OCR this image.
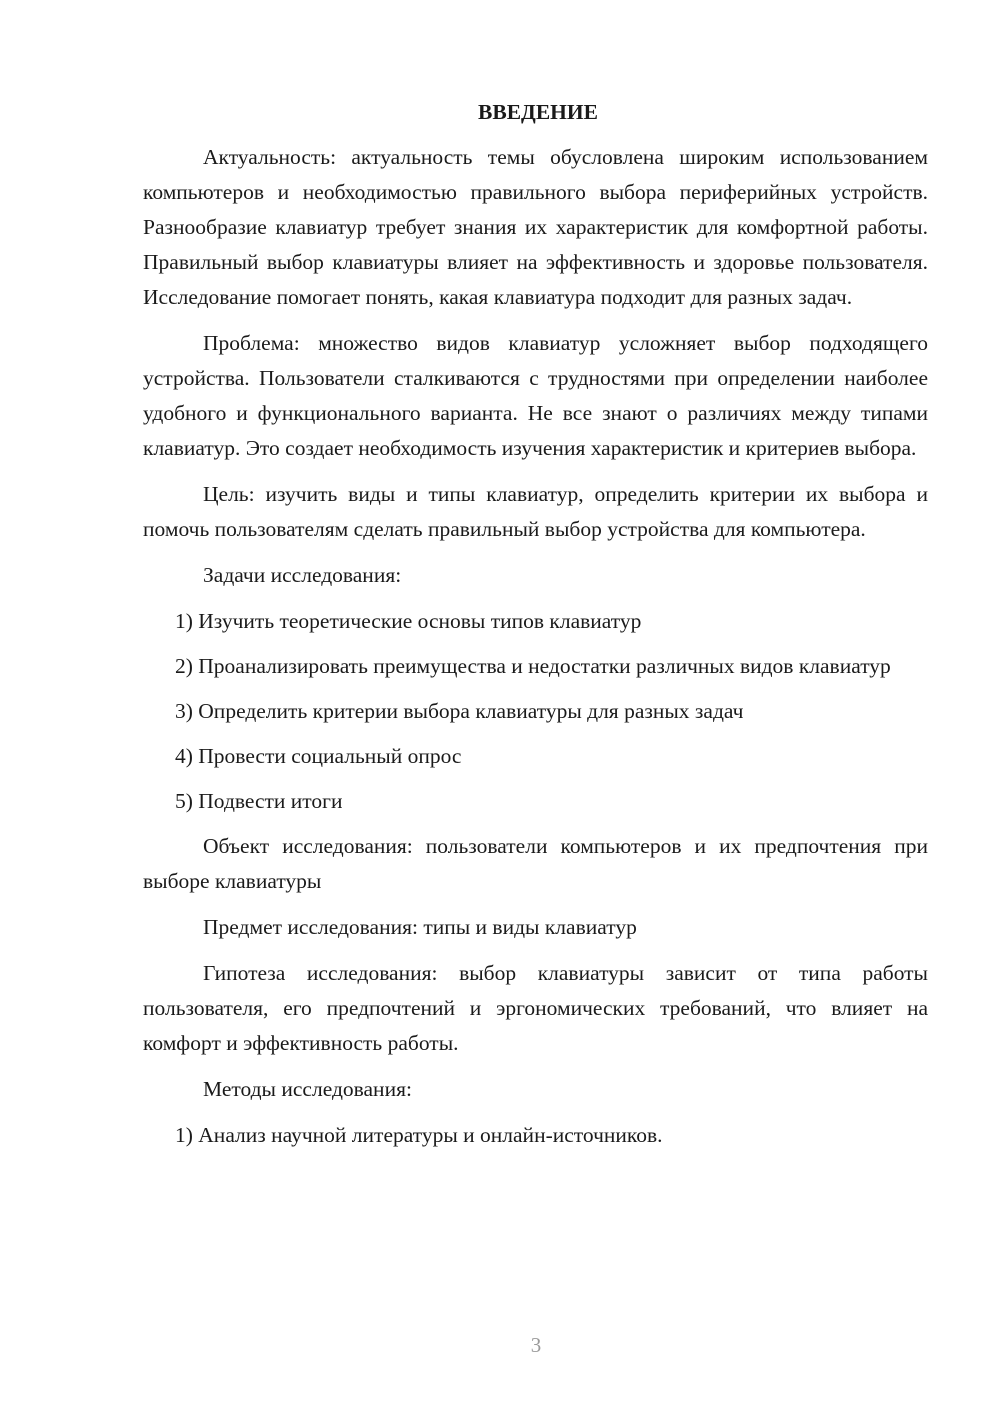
ВВЕДЕНИЕ

Актуальность: актуальность темы обусловлена широким использованием компьютеров и необходимостью правильного выбора периферийных устройств. Разнообразие клавиатур требует знания их характеристик для комфортной работы. Правильный выбор клавиатуры влияет на эффективность и здоровье пользователя. Исследование помогает понять, какая клавиатура подходит для разных задач.

Проблема: множество видов клавиатур усложняет выбор подходящего устройства. Пользователи сталкиваются с трудностями при определении наиболее удобного и функционального варианта. Не все знают о различиях между типами клавиатур. Это создает необходимость изучения характеристик и критериев выбора.

Цель: изучить виды и типы клавиатур, определить критерии их выбора и помочь пользователям сделать правильный выбор устройства для компьютера.

Задачи исследования:

1) Изучить теоретические основы типов клавиатур

2) Проанализировать преимущества и недостатки различных видов клавиатур

3) Определить критерии выбора клавиатуры для разных задач

4) Провести социальный опрос

5) Подвести итоги

Объект исследования: пользователи компьютеров и их предпочтения при выборе клавиатуры

Предмет исследования: типы и виды клавиатур

Гипотеза исследования: выбор клавиатуры зависит от типа работы пользователя, его предпочтений и эргономических требований, что влияет на комфорт и эффективность работы.

Методы исследования:

1) Анализ научной литературы и онлайн-источников.

3
